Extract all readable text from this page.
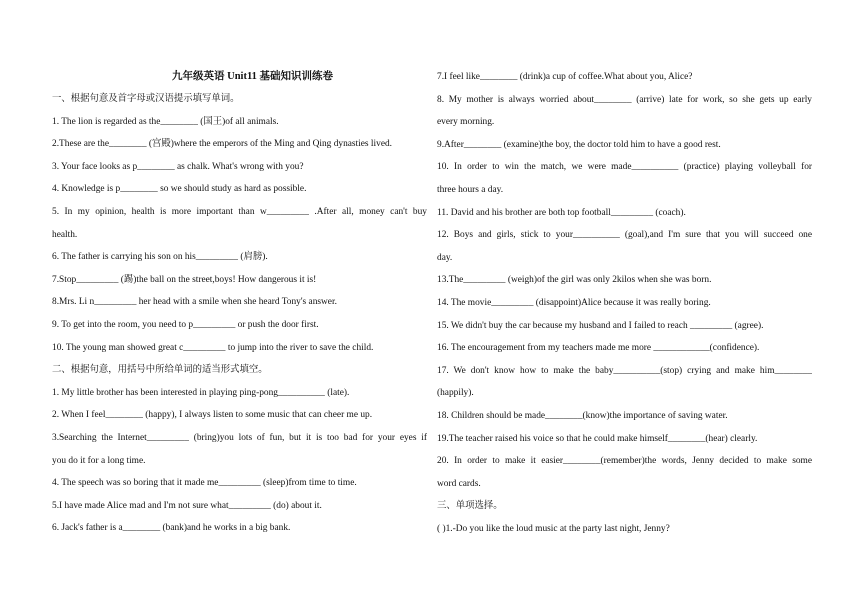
九年级英语 Unit11 基础知识训练卷
一、根据句意及首字母或汉语提示填写单词。
1. The lion is regarded as the________ (国王)of all animals.
2.These are the________ (宫殿)where the emperors of the Ming and Qing dynasties lived.
3. Your face looks as p________ as chalk. What's wrong with you?
4. Knowledge is p________ so we should study as hard as possible.
5. In my opinion, health is more important than w_________ .After all, money can't buy
health.
6. The father is carrying his son on his_________ (肩膀).
7.Stop_________ (踢)the ball on the street,boys! How dangerous it is!
8.Mrs. Li n_________ her head with a smile when she heard Tony's answer.
9. To get into the room, you need to p_________ or push the door first.
10. The young man showed great c_________ to jump into the river to save the child.
二、根据句意，用括号中所给单词的适当形式填空。
1. My little brother has been interested in playing ping-pong__________ (late).
2. When I feel________ (happy), I always listen to some music that can cheer me up.
3.Searching the Internet_________ (bring)you lots of fun, but it is too bad for your eyes if
you do it for a long time.
4. The speech was so boring that it made me_________ (sleep)from time to time.
5.I have made Alice mad and I'm not sure what_________ (do) about it.
6. Jack's father is a________ (bank)and he works in a big bank.
7.I feel like________ (drink)a cup of coffee.What about you, Alice?
8. My mother is always worried about________ (arrive) late for work, so she gets up early
every morning.
9.After________ (examine)the boy, the doctor told him to have a good rest.
10. In order to win the match, we were made__________ (practice) playing volleyball for
three hours a day.
11. David and his brother are both top football_________ (coach).
12. Boys and girls, stick to your__________ (goal),and I'm sure that you will succeed one
day.
13.The_________ (weigh)of the girl was only 2kilos when she was born.
14. The movie_________ (disappoint)Alice because it was really boring.
15. We didn't buy the car because my husband and I failed to reach _________ (agree).
16. The encouragement from my teachers made me more ____________(confidence).
17. We don't know how to make the baby__________(stop) crying and make him________
(happily).
18. Children should be made________(know)the importance of saving water.
19.The teacher raised his voice so that he could make himself________(hear) clearly.
20. In order to make it easier________(remember)the words, Jenny decided to make some
word cards.
三、单项选择。
( )1.-Do you like the loud music at the party last night, Jenny?
